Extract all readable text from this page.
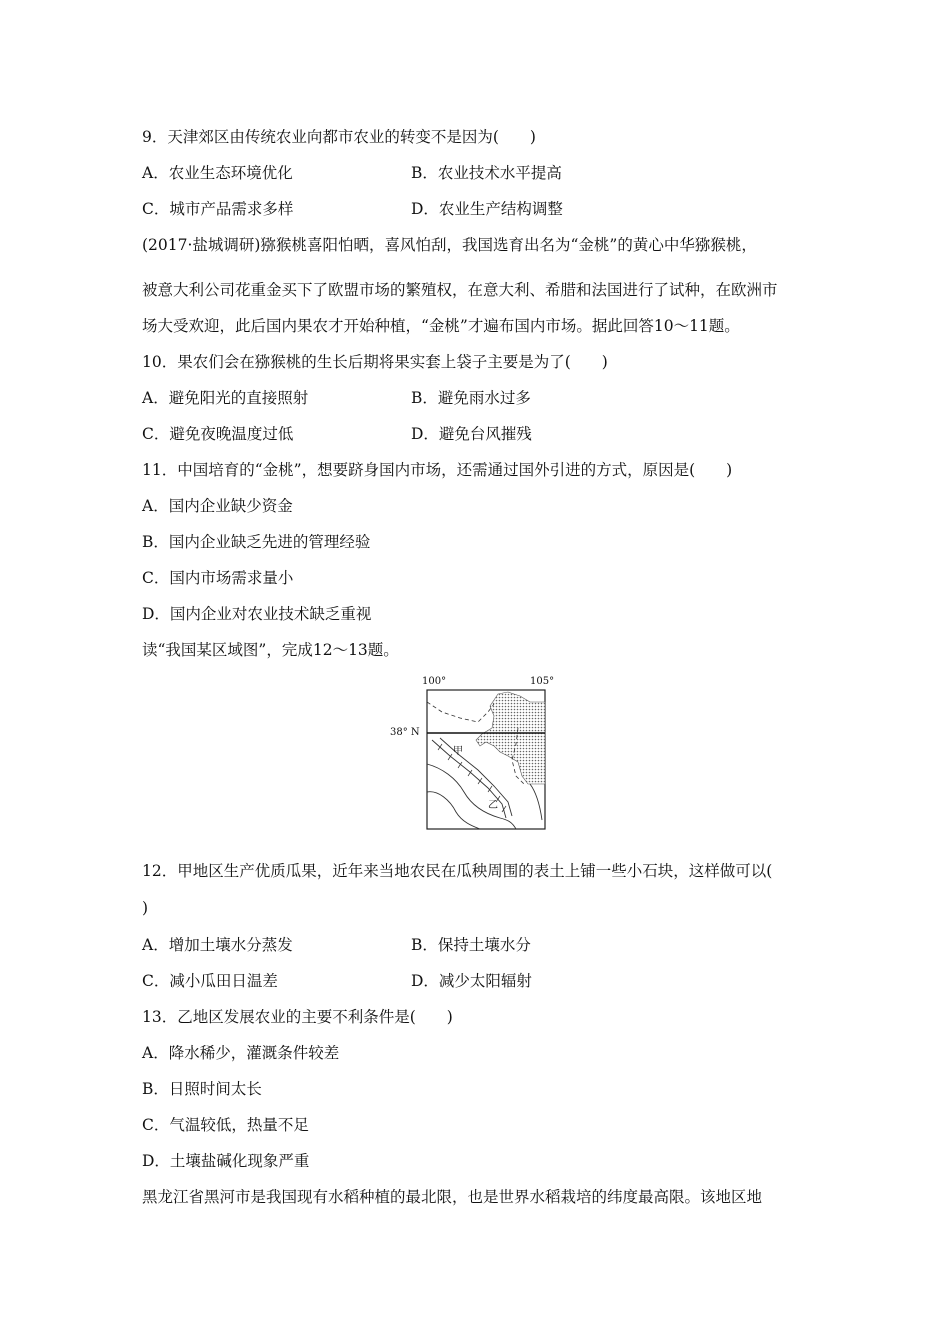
9．天津郊区由传统农业向都市农业的转变不是因为(　　)
A．农业生态环境优化	B．农业技术水平提高
C．城市产品需求多样	D．农业生产结构调整
(2017·盐城调研)猕猴桃喜阳怕晒，喜风怕刮，我国选育出名为“金桃”的黄心中华猕猴桃，
被意大利公司花重金买下了欧盟市场的繁殖权，在意大利、希腊和法国进行了试种，在欧洲市
场大受欢迎，此后国内果农才开始种植，“金桃”才遍布国内市场。据此回答10～11题。
10．果农们会在猕猴桃的生长后期将果实套上袋子主要是为了(　　)
A．避免阳光的直接照射	B．避免雨水过多
C．避免夜晚温度过低	D．避免台风摧残
11．中国培育的“金桃”，想要跻身国内市场，还需通过国外引进的方式，原因是(　　)
A．国内企业缺少资金
B．国内企业缺乏先进的管理经验
C．国内市场需求量小
D．国内企业对农业技术缺乏重视
读“我国某区域图”，完成12～13题。
100°	105°
38° N
甲
乙
12．甲地区生产优质瓜果，近年来当地农民在瓜秧周围的表土上铺一些小石块，这样做可以(
)
A．增加土壤水分蒸发	B．保持土壤水分
C．减小瓜田日温差	D．减少太阳辐射
13．乙地区发展农业的主要不利条件是(　　)
A．降水稀少，灌溉条件较差
B．日照时间太长
C．气温较低，热量不足
D．土壤盐碱化现象严重
黑龙江省黑河市是我国现有水稻种植的最北限，也是世界水稻栽培的纬度最高限。该地区地
